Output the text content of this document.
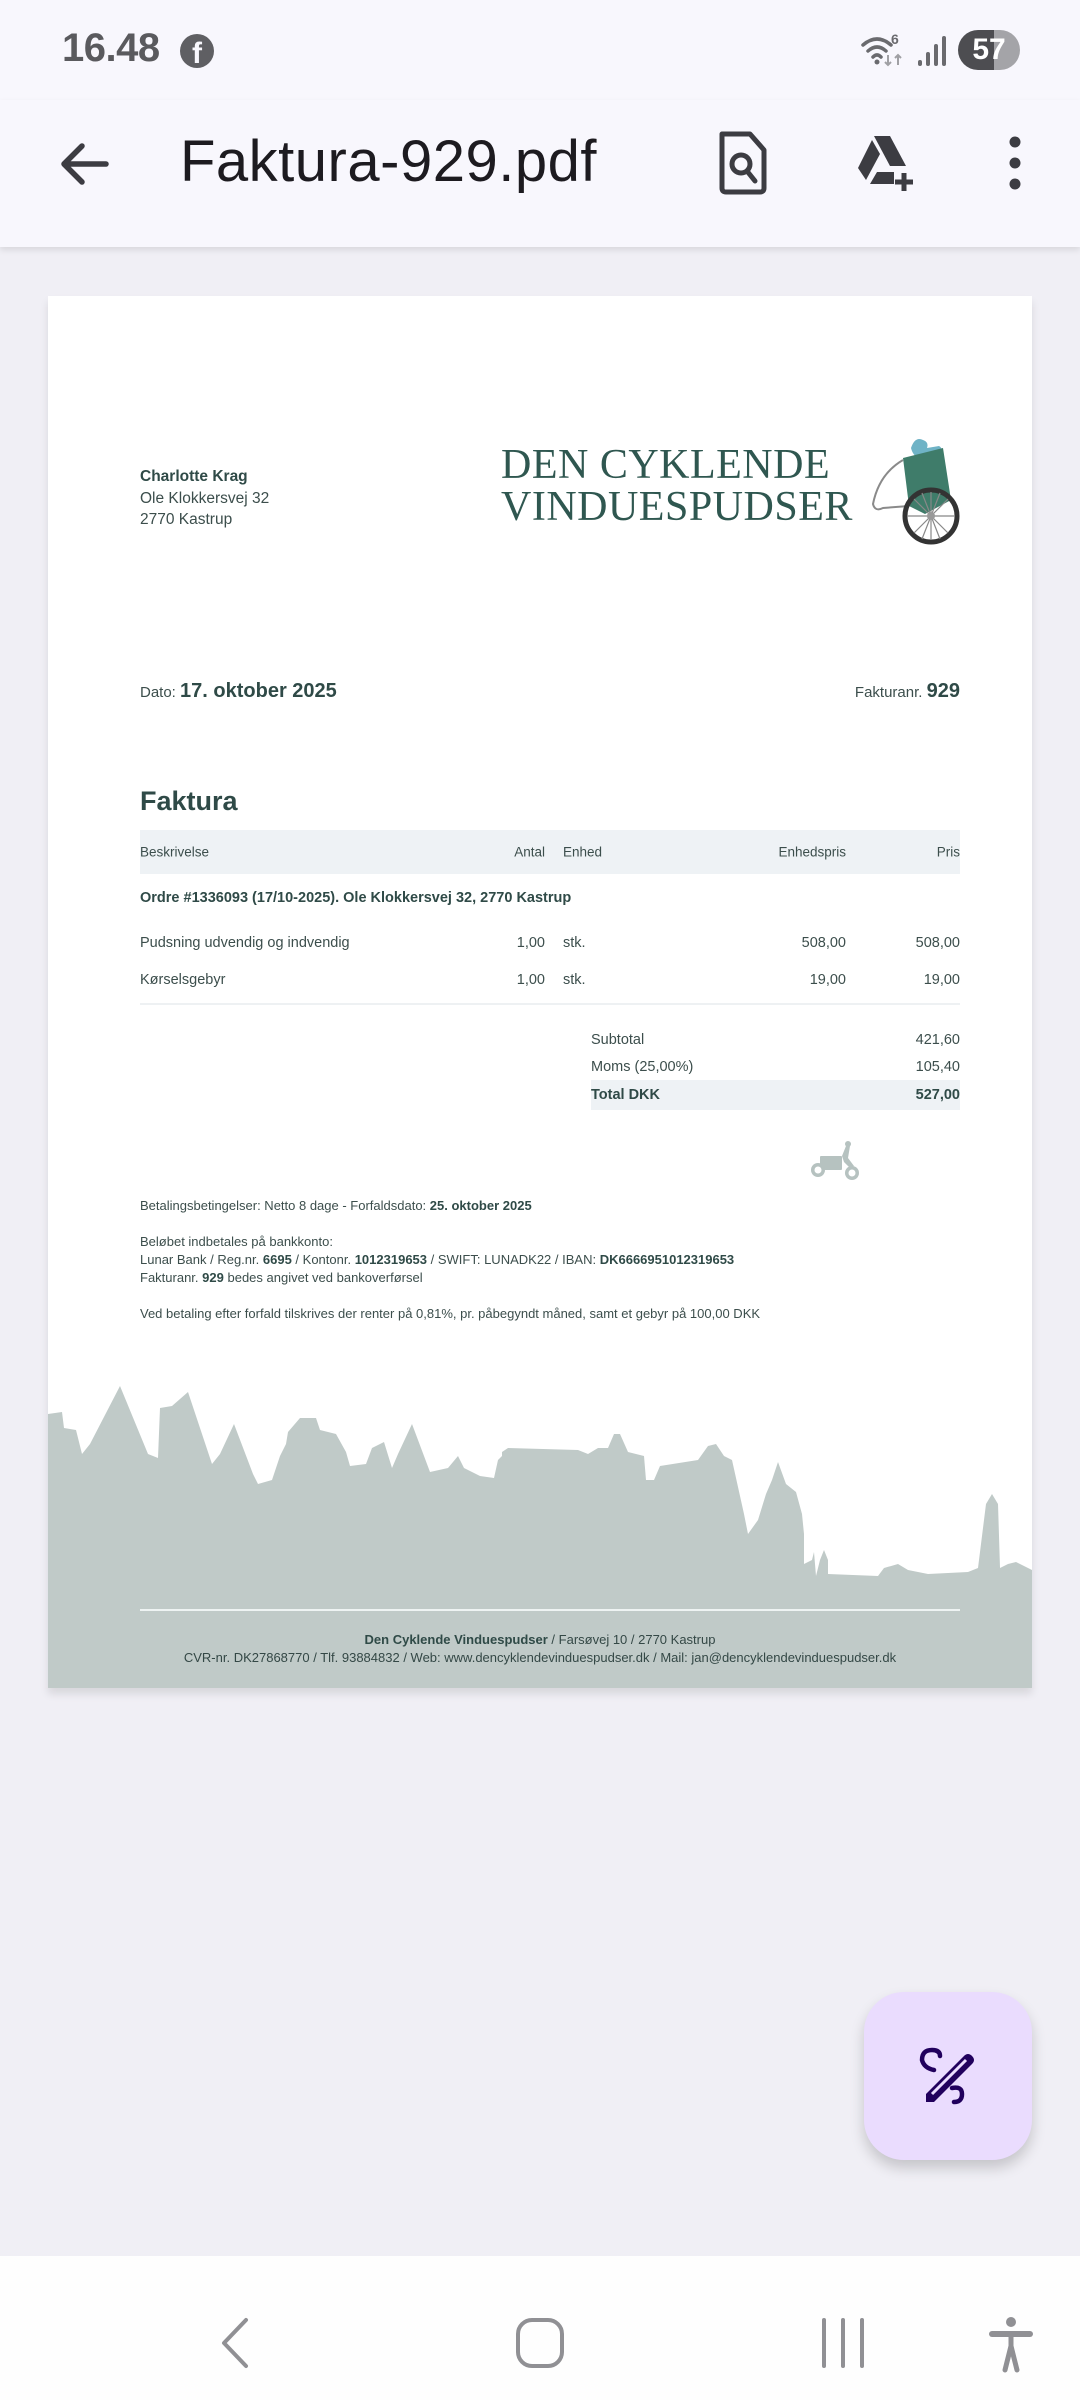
16.48	f	6	57
Faktura-929.pdf
Charlotte Krag
Ole Klokkersvej 32
2770 Kastrup
DEN CYKLENDE
VINDUESPUDSER
Dato: 17. oktober 2025	Fakturanr. 929
Faktura
Beskrivelse	Antal Enhed	Enhedspris	Pris
Ordre #1336093 (17/10-2025). Ole Klokkersvej 32, 2770 Kastrup
Pudsning udvendig og indvendig	1,00 stk.	508,00	508,00
Kørselsgebyr	1,00 stk.	19,00	19,00
Subtotal	421,60
Moms (25,00%)	105,40
Total DKK	527,00

Betalingsbetingelser: Netto 8 dage - Forfaldsdato: 25. oktober 2025

Beløbet indbetales på bankkonto:

Lunar Bank / Reg.nr. 6695 / Kontonr. 1012319653 / SWIFT: LUNADK22 / IBAN: DK6666951012319653

Fakturanr. 929 bedes angivet ved bankoverførsel

Ved betaling efter forfald tilskrives der renter på 0,81%, pr. påbegyndt måned, samt et gebyr på 100,00 DKK

Den Cyklende Vinduespudser / Farsøvej 10 / 2770 Kastrup
CVR-nr. DK27868770 / Tlf. 93884832 / Web: www.dencyklendevinduespudser.dk / Mail: jan@dencyklendevinduespudser.dk
